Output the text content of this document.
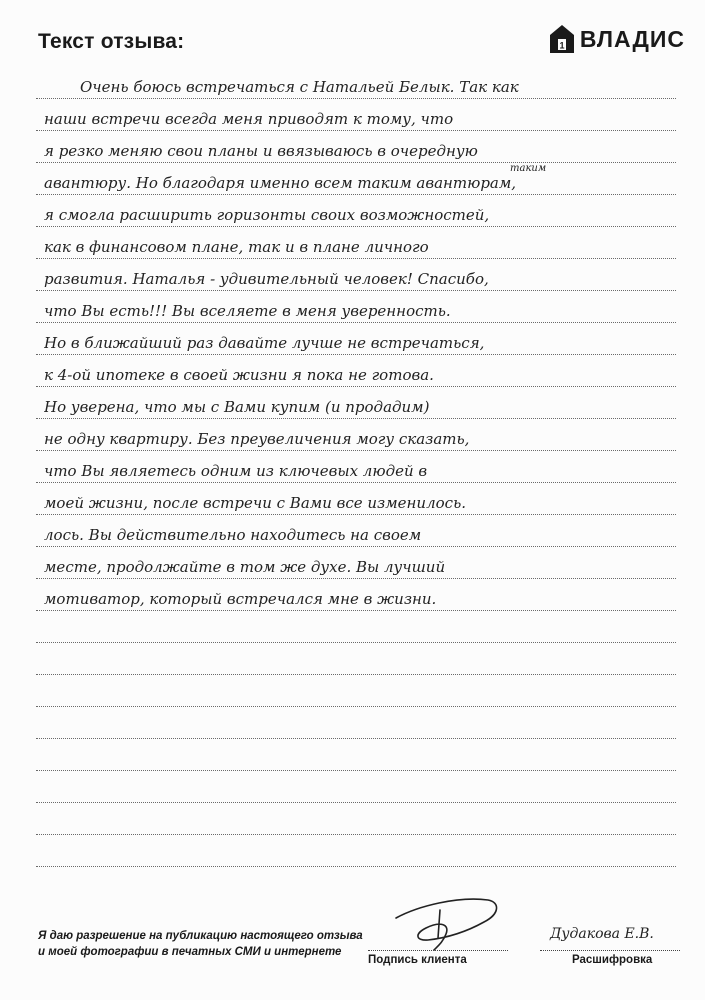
Текст отзыва:	1 ВЛАДИС
Очень боюсь встречаться с Натальей Белык. Так как
наши встречи всегда меня приводят к тому, что
я резко меняю свои планы и ввязываюсь в очередную
таким
авантюру. Но благодаря именно всем таким авантюрам,
я смогла расширить горизонты своих возможностей,
как в финансовом плане, так и в плане личного
развития. Наталья - удивительный человек! Спасибо,
что Вы есть!!! Вы вселяете в меня уверенность.
Но в ближайший раз давайте лучше не встречаться,
к 4-ой ипотеке в своей жизни я пока не готова.
Но уверена, что мы с Вами купим (и продадим)
не одну квартиру. Без преувеличения могу сказать,
что Вы являетесь одним из ключевых людей в
моей жизни, после встречи с Вами все изменилось.
лось. Вы действительно находитесь на своем
месте, продолжайте в том же духе. Вы лучший
мотиватор, который встречался мне в жизни.
Я даю разрешение на публикацию настоящего отзыва
и моей фотографии в печатных СМИ и интернете
Подпись клиента
Дудакова Е.В.
Расшифровка
